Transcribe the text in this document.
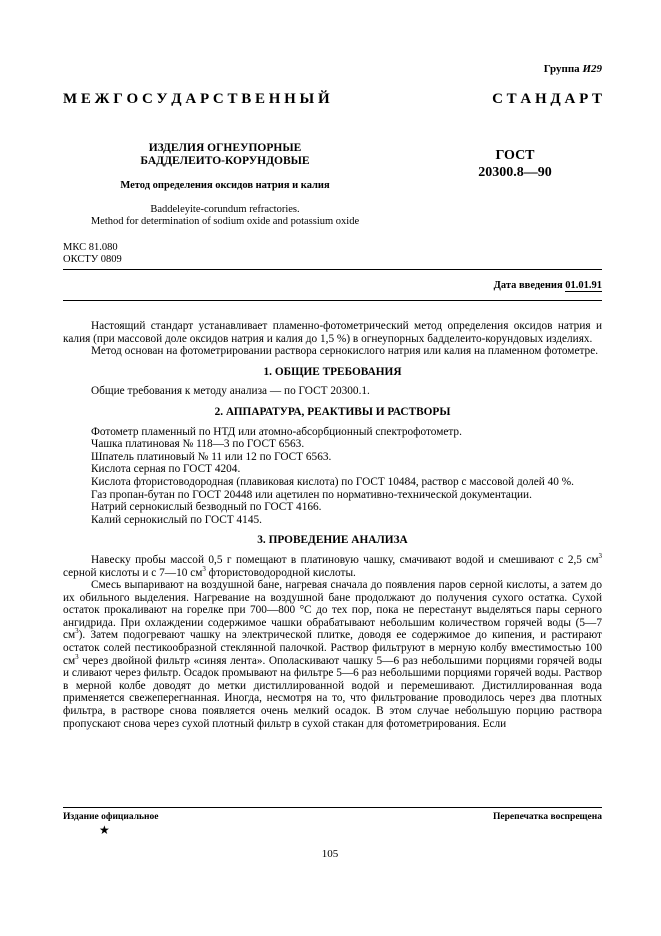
Группа И29
М Е Ж Г О С У Д А Р С Т В Е Н Н Ы Й	С Т А Н Д А Р Т
ИЗДЕЛИЯ ОГНЕУПОРНЫЕ
БАДДЕЛЕИТО-КОРУНДОВЫЕ	ГОСТ
20300.8—90
Метод определения оксидов натрия и калия
Baddeleyite-corundum refractories.
Method for determination of sodium oxide and potassium oxide
МКС 81.080
ОКСТУ 0809
Дата введения 01.01.91

Настоящий стандарт устанавливает пламенно-фотометрический метод определения оксидов натрия и калия (при массовой доле оксидов натрия и калия до 1,5 %) в огнеупорных бадделеито-корундовых изделиях.

Метод основан на фотометрировании раствора сернокислого натрия или калия на пламенном фотометре.

1. ОБЩИЕ ТРЕБОВАНИЯ

Общие требования к методу анализа — по ГОСТ 20300.1.

2. АППАРАТУРА, РЕАКТИВЫ И РАСТВОРЫ

Фотометр пламенный по НТД или атомно-абсорбционный спектрофотометр.

Чашка платиновая № 118—3 по ГОСТ 6563.

Шпатель платиновый № 11 или 12 по ГОСТ 6563.

Кислота серная по ГОСТ 4204.

Кислота фтористоводородная (плавиковая кислота) по ГОСТ 10484, раствор с массовой долей 40 %.

Газ пропан-бутан по ГОСТ 20448 или ацетилен по нормативно-технической документации.

Натрий сернокислый безводный по ГОСТ 4166.

Калий сернокислый по ГОСТ 4145.

3. ПРОВЕДЕНИЕ АНАЛИЗА

Навеску пробы массой 0,5 г помещают в платиновую чашку, смачивают водой и смешивают с 2,5 $см^3$ серной кислоты и с 7—10 $см^3$ фтористоводородной кислоты.

Смесь выпаривают на воздушной бане, нагревая сначала до появления паров серной кислоты, а затем до их обильного выделения. Нагревание на воздушной бане продолжают до получения сухого остатка. Сухой остаток прокаливают на горелке при 700—800 °С до тех пор, пока не перестанут выделяться пары серного ангидрида. При охлаждении содержимое чашки обрабатывают небольшим количеством горячей воды (5—7 $см^3$). Затем подогревают чашку на электрической плитке, доводя ее содержимое до кипения, и растирают остаток солей пестикообразной стеклянной палочкой. Раствор фильтруют в мерную колбу вместимостью 100 $см^3$ через двойной фильтр «синяя лента». Ополаскивают чашку 5—6 раз небольшими порциями горячей воды и сливают через фильтр. Осадок промывают на фильтре 5—6 раз небольшими порциями горячей воды. Раствор в мерной колбе доводят до метки дистиллированной водой и перемешивают. Дистиллированная вода применяется свежеперегнанная. Иногда, несмотря на то, что фильтрование проводилось через два плотных фильтра, в растворе снова появляется очень мелкий осадок. В этом случае небольшую порцию раствора пропускают снова через сухой плотный фильтр в сухой стакан для фотометрирования. Если

Издание официальное
★
Перепечатка воспрещена
105
